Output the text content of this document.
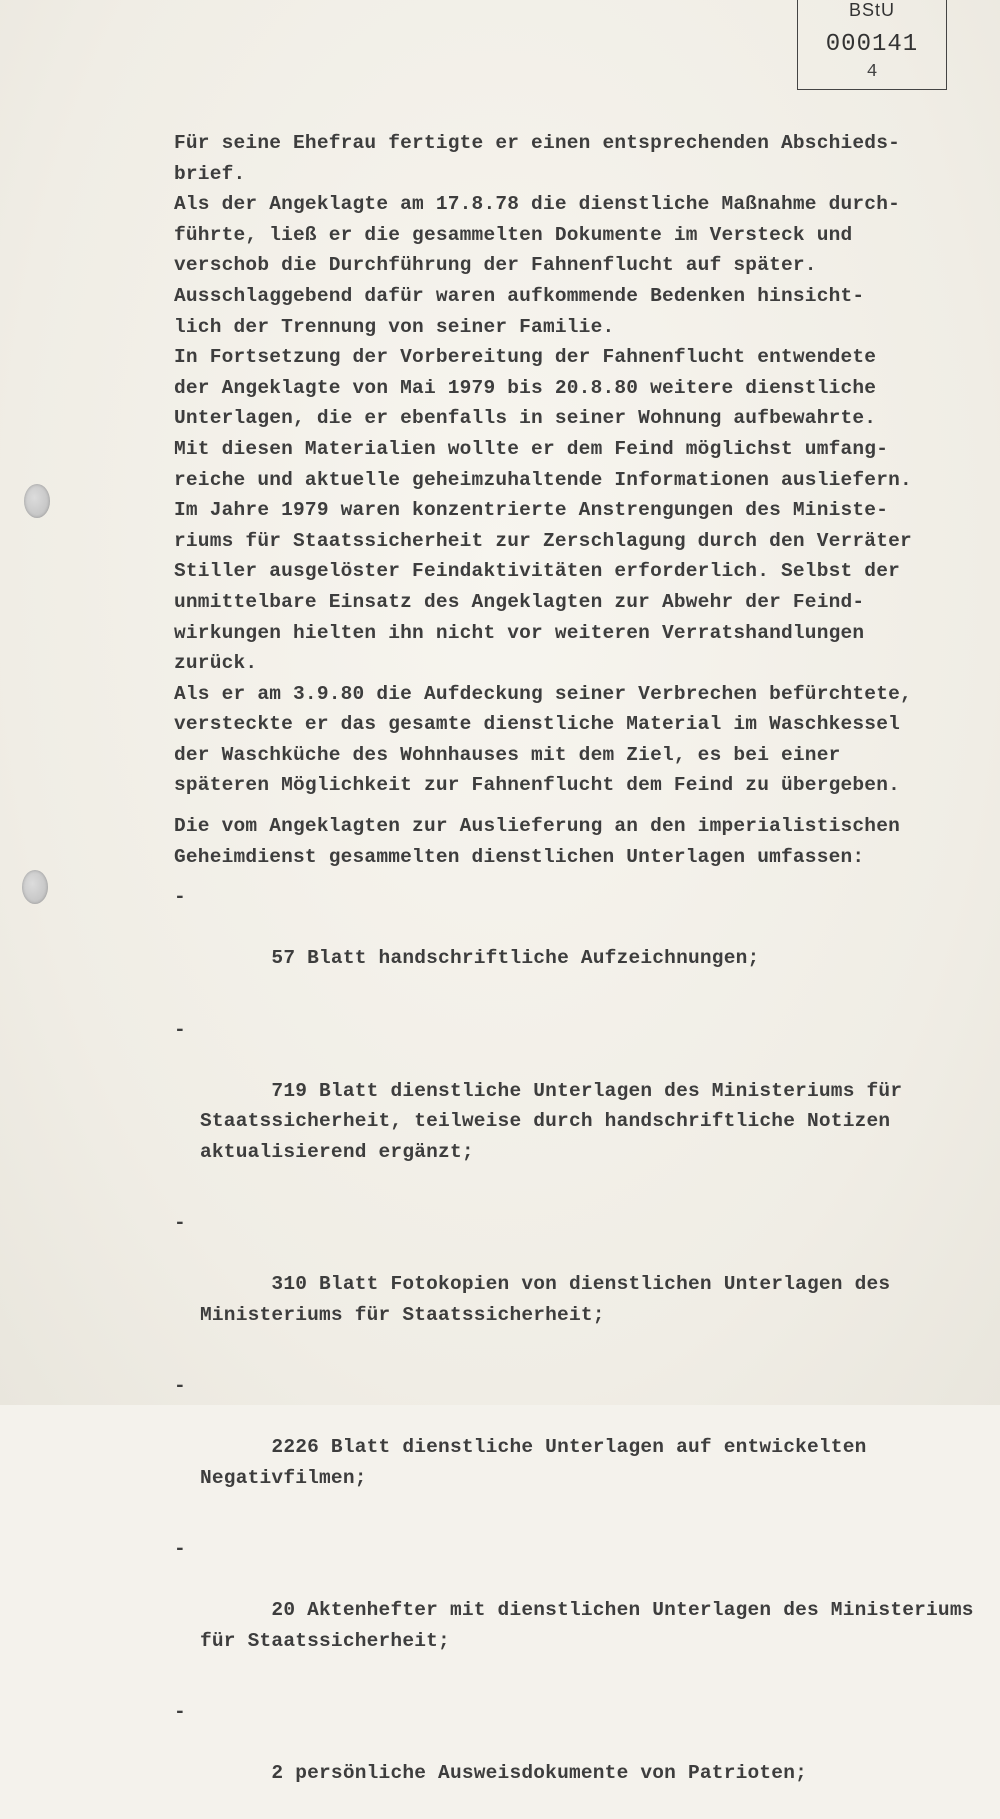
BStU
000141
4

Für seine Ehefrau fertigte er einen entsprechenden Abschieds-
brief.

Als der Angeklagte am 17.8.78 die dienstliche Maßnahme durch-
führte, ließ er die gesammelten Dokumente im Versteck und
verschob die Durchführung der Fahnenflucht auf später.
Ausschlaggebend dafür waren aufkommende Bedenken hinsicht-
lich der Trennung von seiner Familie.

In Fortsetzung der Vorbereitung der Fahnenflucht entwendete
der Angeklagte von Mai 1979 bis 20.8.80 weitere dienstliche
Unterlagen, die er ebenfalls in seiner Wohnung aufbewahrte.
Mit diesen Materialien wollte er dem Feind möglichst umfang-
reiche und aktuelle geheimzuhaltende Informationen ausliefern.
Im Jahre 1979 waren konzentrierte Anstrengungen des Ministe-
riums für Staatssicherheit zur Zerschlagung durch den Verräter
Stiller ausgelöster Feindaktivitäten erforderlich. Selbst der
unmittelbare Einsatz des Angeklagten zur Abwehr der Feind-
wirkungen hielten ihn nicht vor weiteren Verratshandlungen
zurück.

Als er am 3.9.80 die Aufdeckung seiner Verbrechen befürchtete,
versteckte er das gesamte dienstliche Material im Waschkessel
der Waschküche des Wohnhauses mit dem Ziel, es bei einer
späteren Möglichkeit zur Fahnenflucht dem Feind zu übergeben.

Die vom Angeklagten zur Auslieferung an den imperialistischen
Geheimdienst gesammelten dienstlichen Unterlagen umfassen:

-

57 Blatt handschriftliche Aufzeichnungen;

-

719 Blatt dienstliche Unterlagen des Ministeriums für
Staatssicherheit, teilweise durch handschriftliche Notizen
aktualisierend ergänzt;

-

310 Blatt Fotokopien von dienstlichen Unterlagen des
Ministeriums für Staatssicherheit;

-

2226 Blatt dienstliche Unterlagen auf entwickelten
Negativfilmen;

-

20 Aktenhefter mit dienstlichen Unterlagen des Ministeriums
für Staatssicherheit;

-

2 persönliche Ausweisdokumente von Patrioten;
